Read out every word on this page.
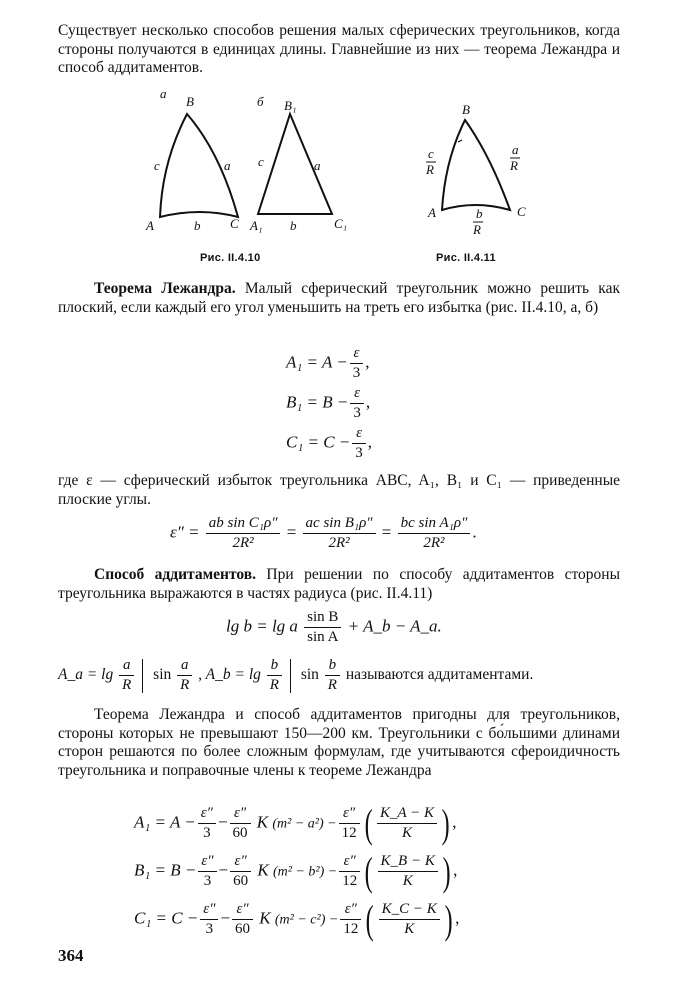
Существует несколько способов решения малых сферических треугольников, когда стороны получаются в единицах длины. Главнейшие из них — теорема Лежандра и способ аддитаментов.
а
б
B
c	a
A	b C
B₁
c	a
A₁ b	C₁
Рис. II.4.10
B
A	C
c
R
a
R
b
R
Рис. II.4.11
Теорема Лежандра. Малый сферический треугольник можно решить как плоский, если каждый его угол уменьшить на треть его избытка (рис. II.4.10, а, б)
$A_1 = A - \frac{\varepsilon}{3}$ ,
$B_1 = B - \frac{\varepsilon}{3}$ ,
$C_1 = C - \frac{\varepsilon}{3}$ ,
где ε — сферический избыток треугольника ABC, A₁, B₁ и C₁ — приведенные плоские углы.
$\varepsilon'' = \frac{\text{ab sin C₁ρ″}}{\text{2R²}} = \frac{\text{ac sin B₁ρ″}}{\text{2R²}} = \frac{\text{bc sin A₁ρ″}}{\text{2R²}}$ .
Способ аддитаментов. При решении по способу аддитаментов стороны треугольника выражаются в частях радиуса (рис. II.4.11)
lg b = lg a $\frac{\text{sin B}}{\text{sin A}}$ + A_b − A_a.
A_a = $\lg \frac{a}{R}$ $\sin \frac{a}{R}$ , A_b = $\lg \frac{b}{R}$ $\sin \frac{b}{R}$ называются аддитаментами.
Теорема Лежандра и способ аддитаментов пригодны для треугольников, стороны которых не превышают 150—200 км. Треугольники с бо́льшими длинами сторон решаются по более сложным формулам, где учитываются сфероидичность треугольника и поправочные члены к теореме Лежандра
$A_1 = A - \frac{\varepsilon''}{3} - \frac{\varepsilon''}{60}$ K $(m^2 - a^2) - \frac{\varepsilon''}{12}$ ( $\frac{K\_A - K}{K}$ ) ,
$B_1 = B - \frac{\varepsilon''}{3} - \frac{\varepsilon''}{60}$ K $(m^2 - b^2) - \frac{\varepsilon''}{12}$ ( $\frac{K\_B - K}{K}$ ) ,
$C_1 = C - \frac{\varepsilon''}{3} - \frac{\varepsilon''}{60}$ K $(m^2 - c^2) - \frac{\varepsilon''}{12}$ ( $\frac{K\_C - K}{K}$ ) ,
364
